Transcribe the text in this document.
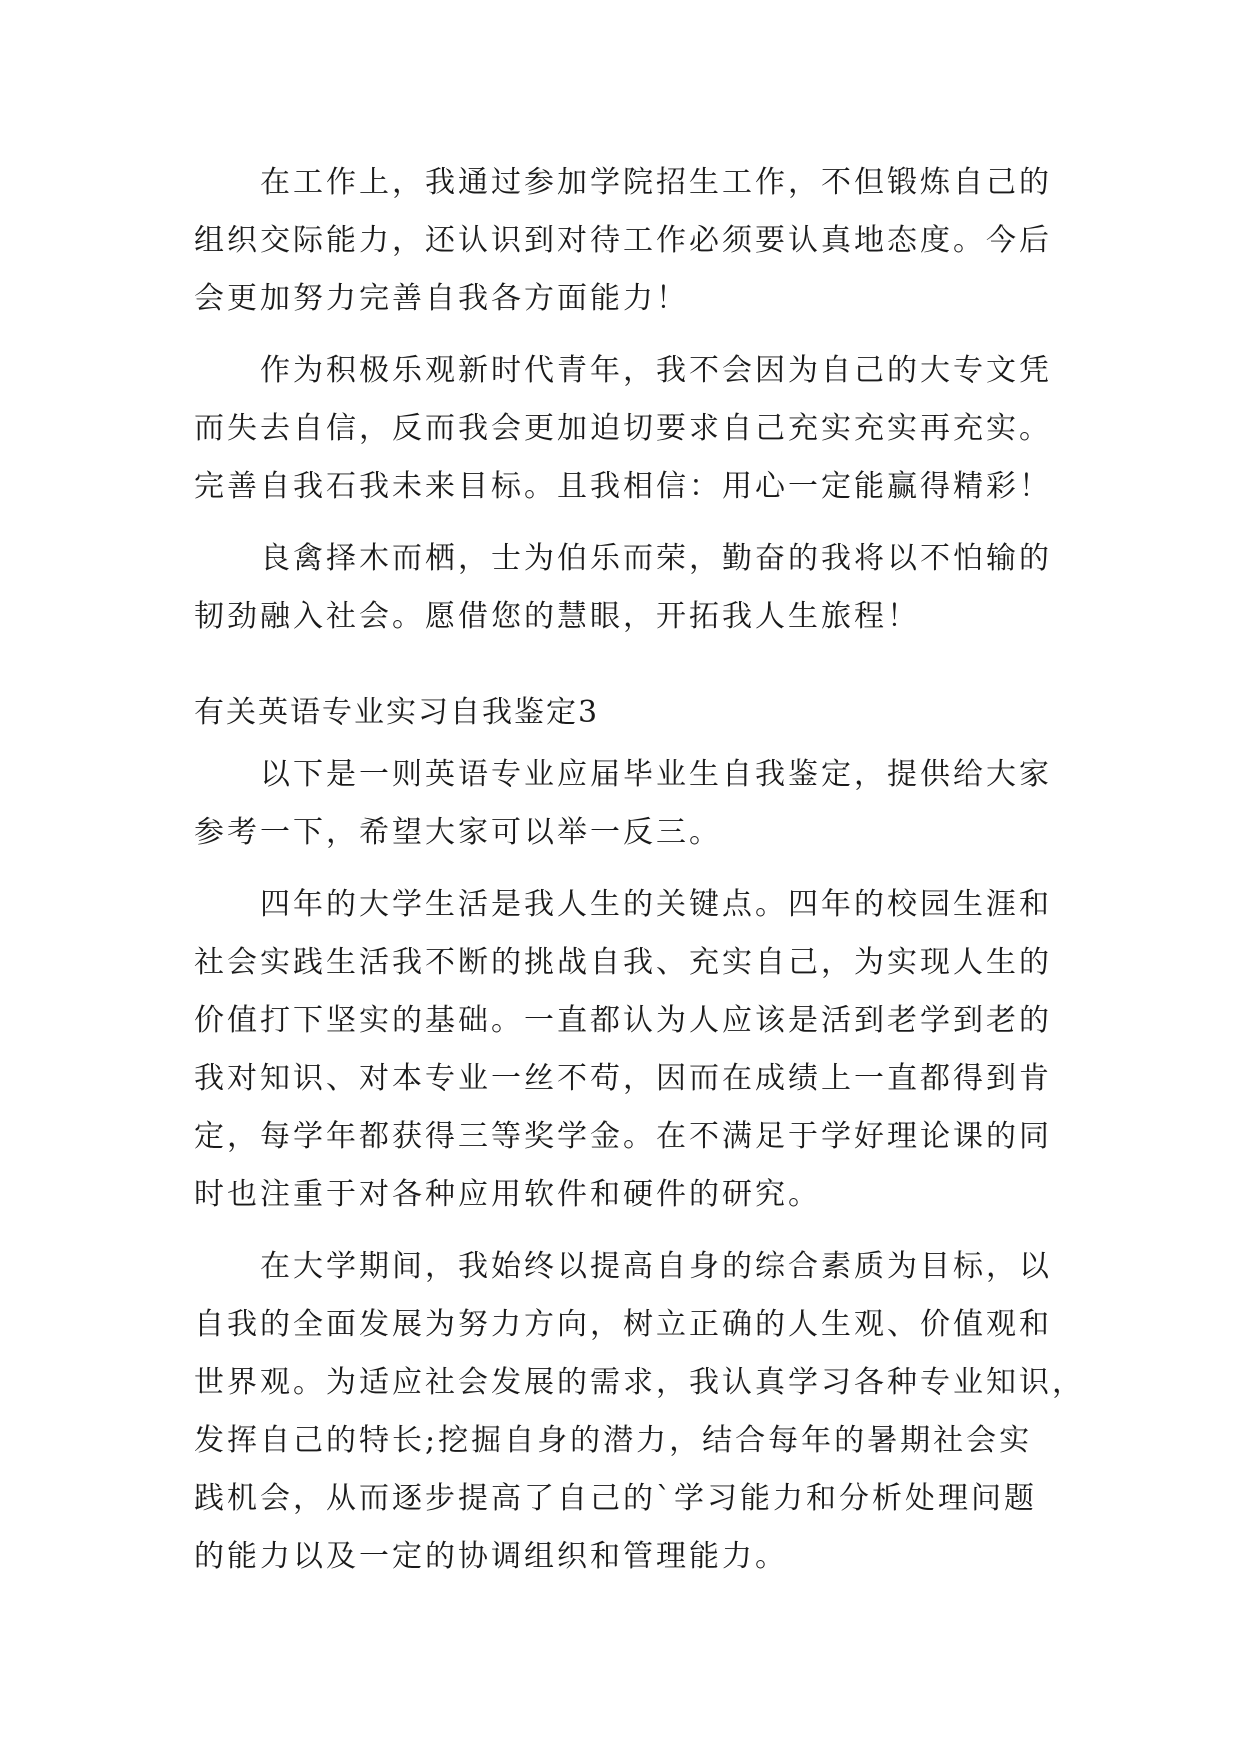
　　在工作上，我通过参加学院招生工作，不但锻炼自己的
组织交际能力，还认识到对待工作必须要认真地态度。今后
会更加努力完善自我各方面能力！
　　作为积极乐观新时代青年，我不会因为自己的大专文凭
而失去自信，反而我会更加迫切要求自己充实充实再充实。
完善自我石我未来目标。且我相信：用心一定能赢得精彩！
　　良禽择木而栖，士为伯乐而荣，勤奋的我将以不怕输的
韧劲融入社会。愿借您的慧眼，开拓我人生旅程！
有关英语专业实习自我鉴定3
　　以下是一则英语专业应届毕业生自我鉴定，提供给大家
参考一下，希望大家可以举一反三。
　　四年的大学生活是我人生的关键点。四年的校园生涯和
社会实践生活我不断的挑战自我、充实自己，为实现人生的
价值打下坚实的基础。一直都认为人应该是活到老学到老的
我对知识、对本专业一丝不苟，因而在成绩上一直都得到肯
定，每学年都获得三等奖学金。在不满足于学好理论课的同
时也注重于对各种应用软件和硬件的研究。
　　在大学期间，我始终以提高自身的综合素质为目标，以
自我的全面发展为努力方向，树立正确的人生观、价值观和
世界观。为适应社会发展的需求，我认真学习各种专业知识，
发挥自己的特长;挖掘自身的潜力，结合每年的暑期社会实
践机会，从而逐步提高了自己的`学习能力和分析处理问题
的能力以及一定的协调组织和管理能力。
